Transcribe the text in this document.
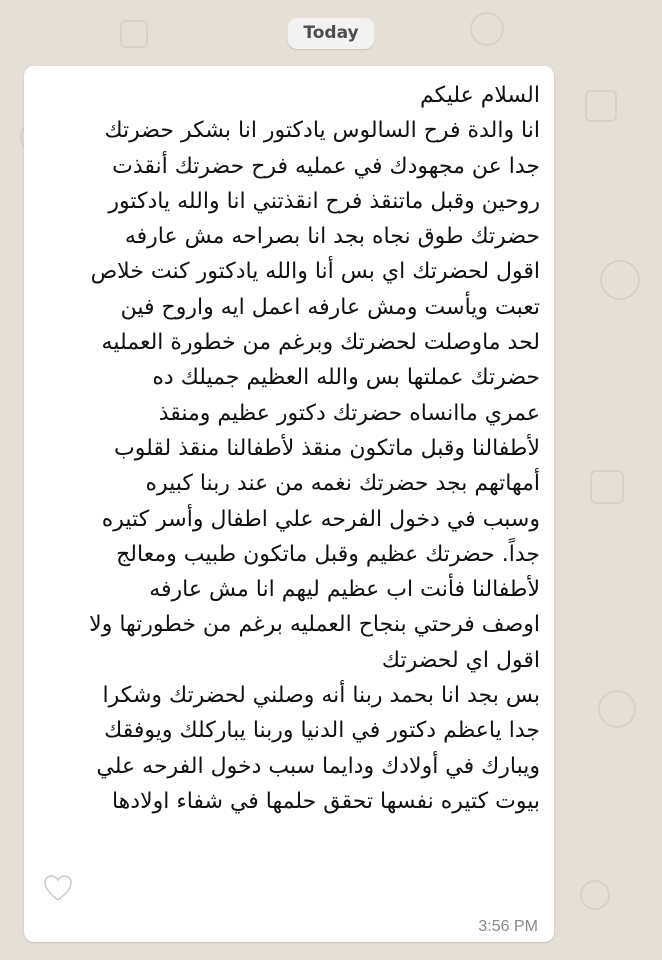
Today
السلام عليكم
انا والدة فرح السالوس يادكتور انا بشكر حضرتك
جدا عن مجهودك في عمليه فرح حضرتك أنقذت
روحين وقبل ماتنقذ فرح انقذتني انا والله يادكتور
حضرتك طوق نجاه بجد انا بصراحه مش عارفه
اقول لحضرتك اي بس أنا والله يادكتور كنت خلاص
تعبت ويأست ومش عارفه اعمل ايه واروح فين
لحد ماوصلت لحضرتك وبرغم من خطورة العمليه
حضرتك عملتها بس والله العظيم جميلك ده
عمري ماانساه حضرتك دكتور عظيم ومنقذ
لأطفالنا وقبل ماتكون منقذ لأطفالنا منقذ لقلوب
أمهاتهم بجد حضرتك نغمه من عند ربنا كبيره
وسبب في دخول الفرحه علي اطفال وأسر كتيره
جداً. حضرتك عظيم وقبل ماتكون طبيب ومعالج
لأطفالنا فأنت اب عظيم ليهم انا مش عارفه
اوصف فرحتي بنجاح العمليه برغم من خطورتها ولا
اقول اي لحضرتك
بس بجد انا بحمد ربنا أنه وصلني لحضرتك وشكرا
جدا ياعظم دكتور في الدنيا وربنا يباركلك ويوفقك
ويبارك في أولادك ودايما سبب دخول الفرحه علي
بيوت كتيره نفسها تحقق حلمها في شفاء اولادها
3:56 PM
